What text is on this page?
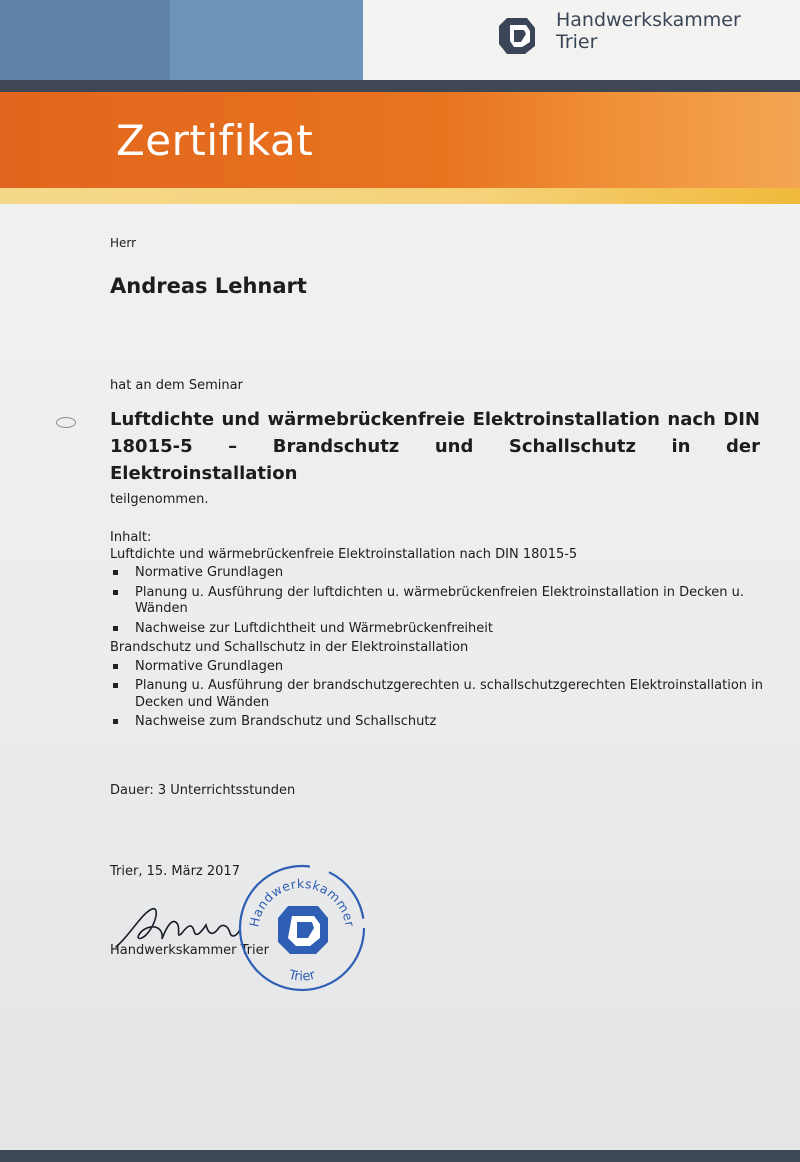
Handwerkskammer
Trier
Zertifikat
Herr
Andreas Lehnart
hat an dem Seminar
Luftdichte und wärmebrückenfreie Elektroinstallation nach DIN
18015-5 – Brandschutz und Schallschutz in der Elektroinstallation
teilgenommen.
Inhalt:
Luftdichte und wärmebrückenfreie Elektroinstallation nach DIN 18015-5
Normative Grundlagen
Planung u. Ausführung der luftdichten u. wärmebrückenfreien Elektroinstallation in Decken u. Wänden
Nachweise zur Luftdichtheit und Wärmebrückenfreiheit
Brandschutz und Schallschutz in der Elektroinstallation
Normative Grundlagen
Planung u. Ausführung der brandschutzgerechten u. schallschutzgerechten Elektroinstallation in Decken und Wänden
Nachweise zum Brandschutz und Schallschutz
Dauer: 3 Unterrichtsstunden
Trier, 15. März 2017
Handwerkskammer Trier
Handwerkskammer
Trier
